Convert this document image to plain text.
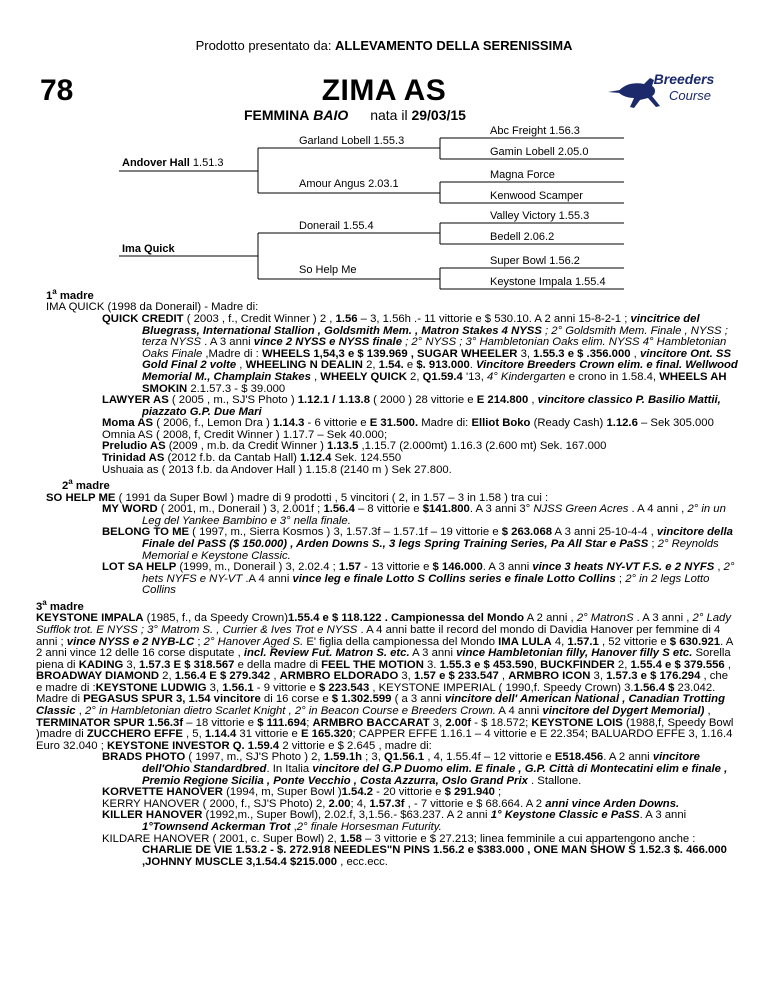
Prodotto presentato da: ALLEVAMENTO DELLA SERENISSIMA
78	ZIMA AS	Breeders
Course
FEMMINA BAIO nata il 29/03/15
Andover Hall 1.51.3
Ima Quick
Garland Lobell 1.55.3
Amour Angus 2.03.1
Donerail 1.55.4
So Help Me
Abc Freight 1.56.3
Gamin Lobell 2.05.0
Magna Force
Kenwood Scamper
Valley Victory 1.55.3
Bedell 2.06.2
Super Bowl 1.56.2
Keystone Impala 1.55.4

1$^a$ madre

IMA QUICK (1998 da Donerail) - Madre di:

QUICK CREDIT ( 2003 , f., Credit Winner ) 2 , 1.56 – 3, 1.56h .- 11 vittorie e $ 530.10. A 2 anni 15-8-2-1 ; vincitrice del Bluegrass, International Stallion , Goldsmith Mem. , Matron Stakes 4 NYSS ; 2° Goldsmith Mem. Finale , NYSS ; terza NYSS . A 3 anni vince 2 NYSS e NYSS finale ; 2° NYSS ; 3° Hambletonian Oaks elim. NYSS 4° Hambletonian Oaks Finale ,Madre di : WHEELS 1,54,3 e $ 139.969 , SUGAR WHEELER 3, 1.55.3 e $ .356.000 , vincitore Ont. SS Gold Final 2 volte , WHEELING N DEALIN 2, 1.54. e $. 913.000. Vincitore Breeders Crown elim. e final. Wellwood Memorial M., Champlain Stakes , WHEELY QUICK 2, Q1.59.4 '13, 4° Kindergarten e crono in 1.58.4, WHEELS AH SMOKIN 2.1.57.3 - $ 39.000

LAWYER AS ( 2005 , m., SJ'S Photo ) 1.12.1 / 1.13.8 ( 2000 ) 28 vittorie e E 214.800 , vincitore classico P. Basilio Mattii, piazzato G.P. Due Mari

Moma AS ( 2006, f., Lemon Dra ) 1.14.3 - 6 vittorie e E 31.500. Madre di: Elliot Boko (Ready Cash) 1.12.6 – Sek 305.000

Omnia AS ( 2008, f, Credit Winner ) 1.17.7 – Sek 40.000;

Preludio AS (2009 , m.b. da Credit Winner ) 1.13.5 ,1.15.7 (2.000mt) 1.16.3 (2.600 mt) Sek. 167.000

Trinidad AS (2012 f.b. da Cantab Hall) 1.12.4 Sek. 124.550

Ushuaia as ( 2013 f.b. da Andover Hall ) 1.15.8 (2140 m ) Sek 27.800.

2$^a$ madre

SO HELP ME ( 1991 da Super Bowl ) madre di 9 prodotti , 5 vincitori ( 2, in 1.57 – 3 in 1.58 ) tra cui :

MY WORD ( 2001, m., Donerail ) 3, 2.001f ; 1.56.4 – 8 vittorie e $141.800. A 3 anni 3° NJSS Green Acres . A 4 anni , 2° in un Leg del Yankee Bambino e 3° nella finale.

BELONG TO ME ( 1997, m., Sierra Kosmos ) 3, 1.57.3f – 1.57.1f – 19 vittorie e $ 263.068 A 3 anni 25-10-4-4 , vincitore della Finale del PaSS ($ 150.000) , Arden Downs S., 3 legs Spring Training Series, Pa All Star e PaSS ; 2° Reynolds Memorial e Keystone Classic.

LOT SA HELP (1999, m., Donerail ) 3, 2.02.4 ; 1.57 - 13 vittorie e $ 146.000. A 3 anni vince 3 heats NY-VT F.S. e 2 NYFS , 2° hets NYFS e NY-VT .A 4 anni vince leg e finale Lotto S Collins series e finale Lotto Collins ; 2° in 2 legs Lotto Collins

3$^a$ madre

KEYSTONE IMPALA (1985, f., da Speedy Crown)1.55.4 e $ 118.122 . Campionessa del Mondo A 2 anni , 2° MatronS . A 3 anni , 2° Lady Sufflok trot. E NYSS ; 3° Matrom S. , Currier & Ives Trot e NYSS . A 4 anni batte il record del mondo di Davidia Hanover per femmine di 4 anni ; vince NYSS e 2 NYB-LC ; 2° Hanover Aged S. E' figlia della campionessa del Mondo IMA LULA 4, 1.57.1 , 52 vittorie e $ 630.921. A 2 anni vince 12 delle 16 corse disputate , incl. Review Fut. Matron S. etc. A 3 anni vince Hambletonian filly, Hanover filly S etc. Sorella piena di KADING 3, 1.57.3 E $ 318.567 e della madre di FEEL THE MOTION 3. 1.55.3 e $ 453.590, BUCKFINDER 2, 1.55.4 e $ 379.556 , BROADWAY DIAMOND 2, 1.56.4 E $ 279.342 , ARMBRO ELDORADO 3, 1.57 e $ 233.547 , ARMBRO ICON 3, 1.57.3 e $ 176.294 , che e madre di :KEYSTONE LUDWIG 3, 1.56.1 - 9 vittorie e $ 223.543 , KEYSTONE IMPERIAL ( 1990,f. Speedy Crown) 3.1.56.4 $ 23.042. Madre di PEGASUS SPUR 3, 1.54 vincitore di 16 corse e $ 1.302.599 ( a 3 anni vincitore dell' American National , Canadian Trotting Classic , 2° in Hambletonian dietro Scarlet Knight , 2° in Beacon Course e Breeders Crown. A 4 anni vincitore del Dygert Memorial) , TERMINATOR SPUR 1.56.3f – 18 vittorie e $ 111.694; ARMBRO BACCARAT 3, 2.00f - $ 18.572; KEYSTONE LOIS (1988,f, Speedy Bowl )madre di ZUCCHERO EFFE , 5, 1.14.4 31 vittorie e E 165.320; CAPPER EFFE 1.16.1 – 4 vittorie e E 22.354; BALUARDO EFFE 3, 1.16.4 Euro 32.040 ; KEYSTONE INVESTOR Q. 1.59.4 2 vittorie e $ 2.645 , madre di:

BRADS PHOTO ( 1997, m., SJ'S Photo ) 2, 1.59.1h ; 3, Q1.56.1 , 4, 1.55.4f – 12 vittorie e E518.456. A 2 anni vincitore dell'Ohio Standardbred. In Italia vincitore del G.P Duomo elim. E finale , G.P. Città di Montecatini elim e finale , Premio Regione Sicilia , Ponte Vecchio , Costa Azzurra, Oslo Grand Prix . Stallone.

KORVETTE HANOVER (1994, m, Super Bowl )1.54.2 - 20 vittorie e $ 291.940 ;

KERRY HANOVER ( 2000, f., SJ'S Photo) 2, 2.00; 4, 1.57.3f , - 7 vittorie e $ 68.664. A 2 anni vince Arden Downs.

KILLER HANOVER (1992,m., Super Bowl), 2.02.f, 3,1.56.- $63.237. A 2 anni 1° Keystone Classic e PaSS. A 3 anni 1°Townsend Ackerman Trot ,2° finale Horsesman Futurity.

KILDARE HANOVER ( 2001, c. Super Bowl) 2, 1.58 – 3 vittorie e $ 27.213; linea femminile a cui appartengono anche : CHARLIE DE VIE 1.53.2 - $. 272.918 NEEDLES"N PINS 1.56.2 e $383.000 , ONE MAN SHOW S 1.52.3 $. 466.000 ,JOHNNY MUSCLE 3,1.54.4 $215.000 , ecc.ecc.
